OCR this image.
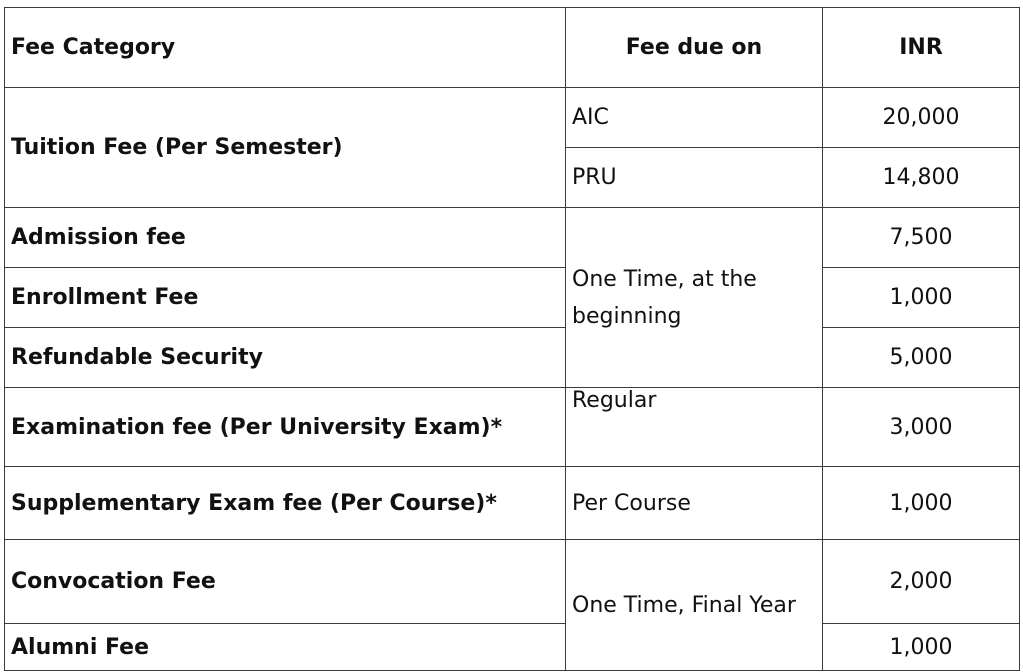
Fee Category	Fee due on	INR
Tuition Fee (Per Semester)	AIC	20,000
	PRU	14,800
Admission fee	One Time, at the beginning	7,500
Enrollment Fee		1,000
Refundable Security		5,000
Examination fee (Per University Exam)*	Regular	3,000
Supplementary Exam fee (Per Course)*	Per Course	1,000
Convocation Fee	One Time, Final Year	2,000
Alumni Fee		1,000
